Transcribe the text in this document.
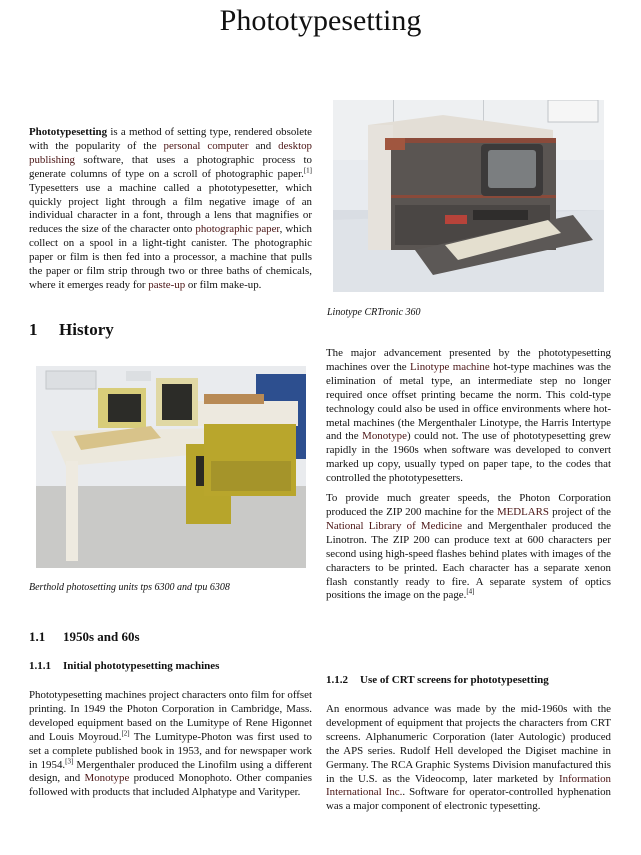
Phototypesetting

Phototypesetting is a method of setting type, rendered obsolete with the popularity of the personal computer and desktop publishing software, that uses a photographic process to generate columns of type on a scroll of photographic paper.[1] Typesetters use a machine called a phototypesetter, which quickly project light through a film negative image of an individual character in a font, through a lens that magnifies or reduces the size of the character onto photographic paper, which collect on a spool in a light-tight canister. The photographic paper or film is then fed into a processor, a machine that pulls the paper or film strip through two or three baths of chemicals, where it emerges ready for paste-up or film make-up.

Linotype CRTronic 360

1 History

Berthold photosetting units tps 6300 and tpu 6308

1.1 1950s and 60s
1.1.1 Initial phototypesetting machines

Phototypesetting machines project characters onto film for offset printing. In 1949 the Photon Corporation in Cambridge, Mass. developed equipment based on the Lumitype of Rene Higonnet and Louis Moyroud.[2] The Lumitype-Photon was first used to set a complete published book in 1953, and for newspaper work in 1954.[3] Mergenthaler produced the Linofilm using a different design, and Monotype produced Monophoto. Other companies followed with products that included Alphatype and Varityper.

The major advancement presented by the phototypesetting machines over the Linotype machine hot-type machines was the elimination of metal type, an intermediate step no longer required once offset printing became the norm. This cold-type technology could also be used in office environments where hot-metal machines (the Mergenthaler Linotype, the Harris Intertype and the Monotype) could not. The use of phototypesetting grew rapidly in the 1960s when software was developed to convert marked up copy, usually typed on paper tape, to the codes that controlled the phototypesetters.

To provide much greater speeds, the Photon Corporation produced the ZIP 200 machine for the MEDLARS project of the National Library of Medicine and Mergenthaler produced the Linotron. The ZIP 200 can produce text at 600 characters per second using high-speed flashes behind plates with images of the characters to be printed. Each character has a separate xenon flash constantly ready to fire. A separate system of optics positions the image on the page.[4]

1.1.2 Use of CRT screens for phototypesetting

An enormous advance was made by the mid-1960s with the development of equipment that projects the characters from CRT screens. Alphanumeric Corporation (later Autologic) produced the APS series. Rudolf Hell developed the Digiset machine in Germany. The RCA Graphic Systems Division manufactured this in the U.S. as the Videocomp, later marketed by Information International Inc.. Software for operator-controlled hyphenation was a major component of electronic typesetting.
